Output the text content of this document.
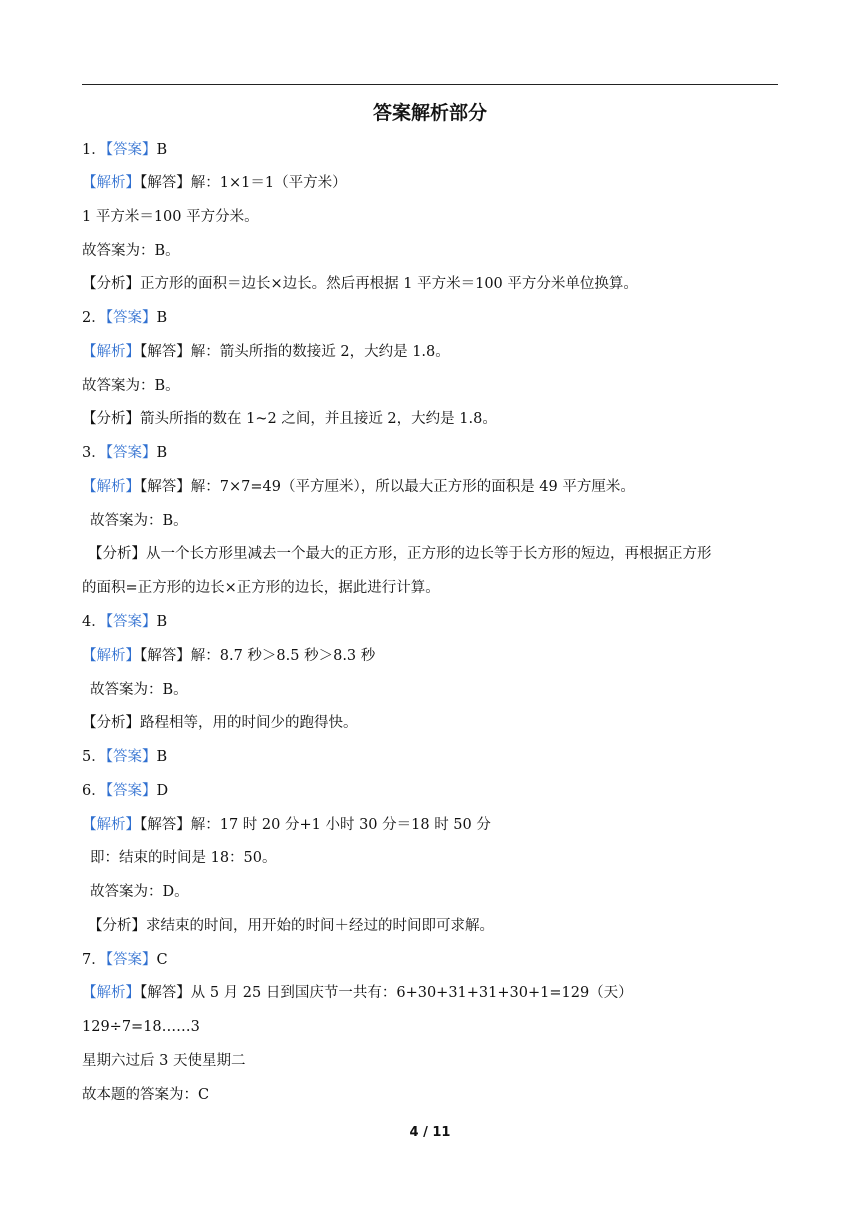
答案解析部分
1．【答案】B
【解析】【解答】解：1×1＝1（平方米）
1 平方米＝100 平方分米。
故答案为：B。
【分析】正方形的面积＝边长×边长。然后再根据 1 平方米＝100 平方分米单位换算。
2．【答案】B
【解析】【解答】解：箭头所指的数接近 2，大约是 1.8。
故答案为：B。
【分析】箭头所指的数在 1~2 之间，并且接近 2，大约是 1.8。
3．【答案】B
【解析】【解答】解：7×7=49（平方厘米），所以最大正方形的面积是 49 平方厘米。
故答案为：B。
【分析】从一个长方形里减去一个最大的正方形，正方形的边长等于长方形的短边，再根据正方形
的面积=正方形的边长×正方形的边长，据此进行计算。
4．【答案】B
【解析】【解答】解：8.7 秒＞8.5 秒＞8.3 秒
故答案为：B。
【分析】路程相等，用的时间少的跑得快。
5．【答案】B
6．【答案】D
【解析】【解答】解：17 时 20 分+1 小时 30 分＝18 时 50 分
即：结束的时间是 18：50。
故答案为：D。
【分析】求结束的时间，用开始的时间＋经过的时间即可求解。
7．【答案】C
【解析】【解答】从 5 月 25 日到国庆节一共有：6+30+31+31+30+1=129（天）
129÷7=18……3
星期六过后 3 天使星期二
故本题的答案为：C
4 / 11
